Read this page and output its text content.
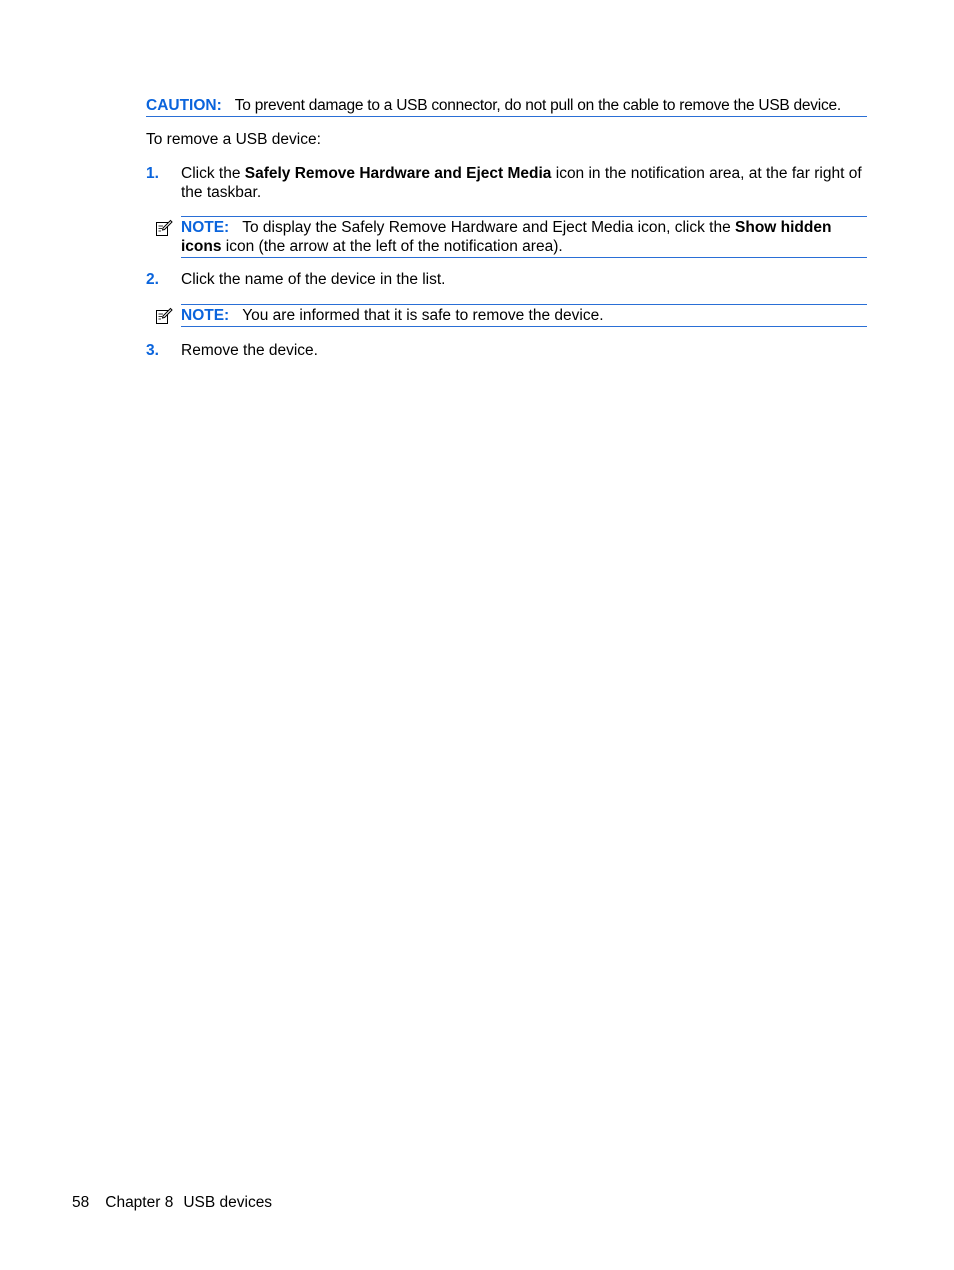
CAUTION: To prevent damage to a USB connector, do not pull on the cable to remove the USB device.
To remove a USB device:
1. Click the Safely Remove Hardware and Eject Media icon in the notification area, at the far right of the taskbar.
NOTE: To display the Safely Remove Hardware and Eject Media icon, click the Show hidden icons icon (the arrow at the left of the notification area).
2. Click the name of the device in the list.
NOTE: You are informed that it is safe to remove the device.
3. Remove the device.
58 Chapter 8 USB devices
